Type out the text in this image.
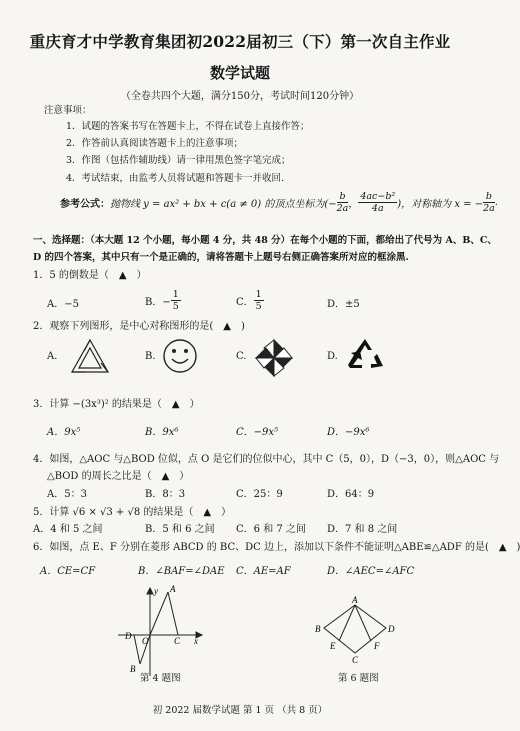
重庆育才中学教育集团初2022届初三（下）第一次自主作业
数学试题
（全卷共四个大题，满分150分，考试时间120分钟）
注意事项：
1．试题的答案书写在答题卡上，不得在试卷上直接作答；
2．作答前认真阅读答题卡上的注意事项；
3．作图（包括作辅助线）请一律用黑色签字笔完成；
4．考试结束，由监考人员将试题和答题卡一并收回.
参考公式： 抛物线 y = ax² + bx + c(a ≠ 0) 的顶点坐标为(− $\frac{b}{2a}$ ， $\frac{\text{4ac−b²}}{4a}$ )，对称轴为 x = − $\frac{b}{2a}$ .
一、选择题：（本大题 12 个小题，每小题 4 分，共 48 分）在每个小题的下面，都给出了代号为 A、B、C、
D 的四个答案，其中只有一个是正确的，请将答题卡上题号右侧正确答案所对应的框涂黑.
1．5 的倒数是（　▲　）
A．−5	B．− $\frac{1}{5}$	C． $\frac{1}{5}$	D．±5
2．观察下列图形，是中心对称图形的是(　▲　)
A.	B.	C.	D.
3．计算 −(3x³)² 的结果是（　▲　）
A．9x⁵	B．9x⁶	C．−9x⁵	D．−9x⁶
4．如图，△AOC 与△BOD 位似，点 O 是它们的位似中心，其中 C（5，0），D（−3，0），则△AOC 与
△BOD 的周长之比是（　▲　）
A．5：3	B．8：3	C．25：9	D．64：9
5．计算 √6 × √3 + √8 的结果是（　▲　）
A．4 和 5 之间	B．5 和 6 之间 C．6 和 7 之间 D．7 和 8 之间
6．如图，点 E、F 分别在菱形 ABCD 的 BC、DC 边上，添加以下条件不能证明△ABE≌△ADF 的是(　▲　)
A．CE=CF	B．∠BAF=∠DAE C．AE=AF	D．∠AEC=∠AFC
y A
x
D O	C
B
第 4 题图
A
B	D
C
E	F
第 6 题图
初 2022 届数学试题 第 1 页 （共 8 页）
